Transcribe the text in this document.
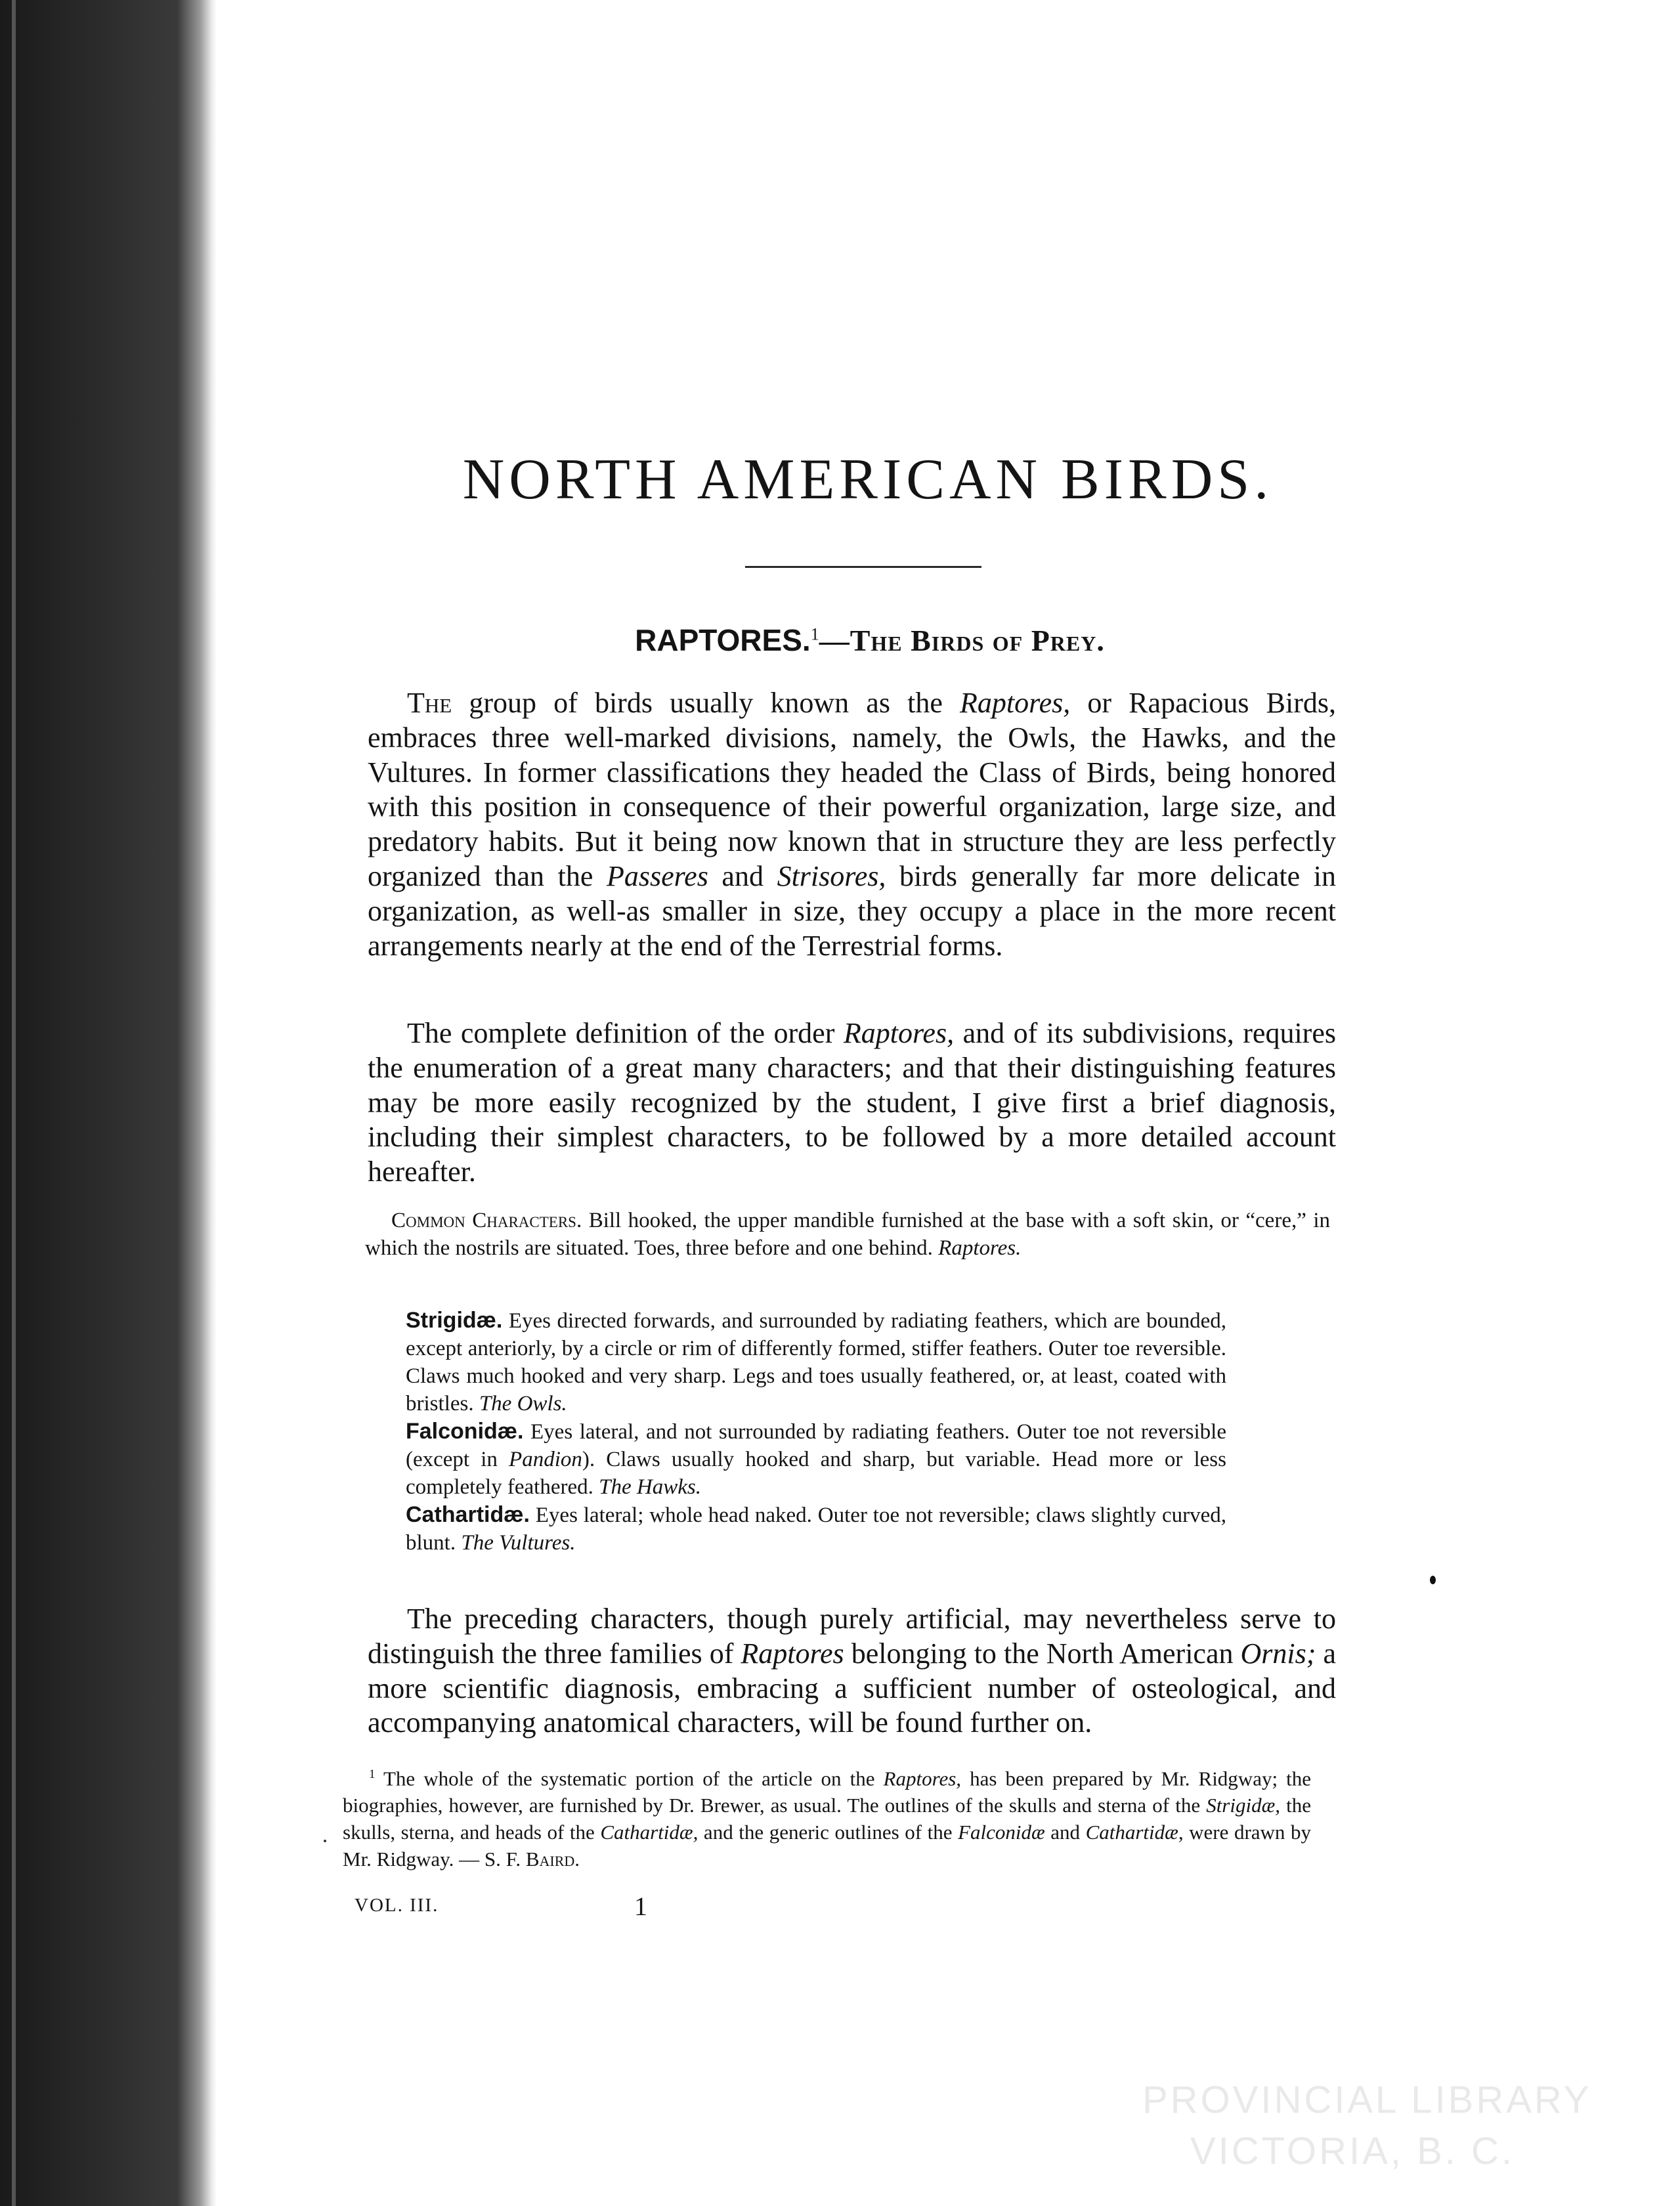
NORTH AMERICAN BIRDS.
RAPTORES.$^1$—The Birds of Prey.

The group of birds usually known as the Raptores, or Rapacious Birds, embraces three well-marked divisions, namely, the Owls, the Hawks, and the Vultures. In former classifications they headed the Class of Birds, being honored with this position in consequence of their powerful organization, large size, and predatory habits. But it being now known that in structure they are less perfectly organized than the Passeres and Strisores, birds generally far more delicate in organization, as well-as smaller in size, they occupy a place in the more recent arrangements nearly at the end of the Terrestrial forms.

The complete definition of the order Raptores, and of its subdivisions, requires the enumeration of a great many characters; and that their distinguishing features may be more easily recognized by the student, I give first a brief diagnosis, including their simplest characters, to be followed by a more detailed account hereafter.

Common Characters. Bill hooked, the upper mandible furnished at the base with a soft skin, or “cere,” in which the nostrils are situated. Toes, three before and one behind. Raptores.

Strigidæ. Eyes directed forwards, and surrounded by radiating feathers, which are bounded, except anteriorly, by a circle or rim of differently formed, stiffer feathers. Outer toe reversible. Claws much hooked and very sharp. Legs and toes usually feathered, or, at least, coated with bristles. The Owls.

Falconidæ. Eyes lateral, and not surrounded by radiating feathers. Outer toe not reversible (except in Pandion). Claws usually hooked and sharp, but variable. Head more or less completely feathered. The Hawks.

Cathartidæ. Eyes lateral; whole head naked. Outer toe not reversible; claws slightly curved, blunt. The Vultures.

The preceding characters, though purely artificial, may nevertheless serve to distinguish the three families of Raptores belonging to the North American Ornis; a more scientific diagnosis, embracing a sufficient number of osteological, and accompanying anatomical characters, will be found further on.

$^1$ The whole of the systematic portion of the article on the Raptores, has been prepared by Mr. Ridgway; the biographies, however, are furnished by Dr. Brewer, as usual. The outlines of the skulls and sterna of the Strigidæ, the skulls, sterna, and heads of the Cathartidæ, and the generic outlines of the Falconidæ and Cathartidæ, were drawn by Mr. Ridgway. — S. F. Baird.

VOL. III.	1

PROVINCIAL LIBRARY
VICTORIA, B. C.
